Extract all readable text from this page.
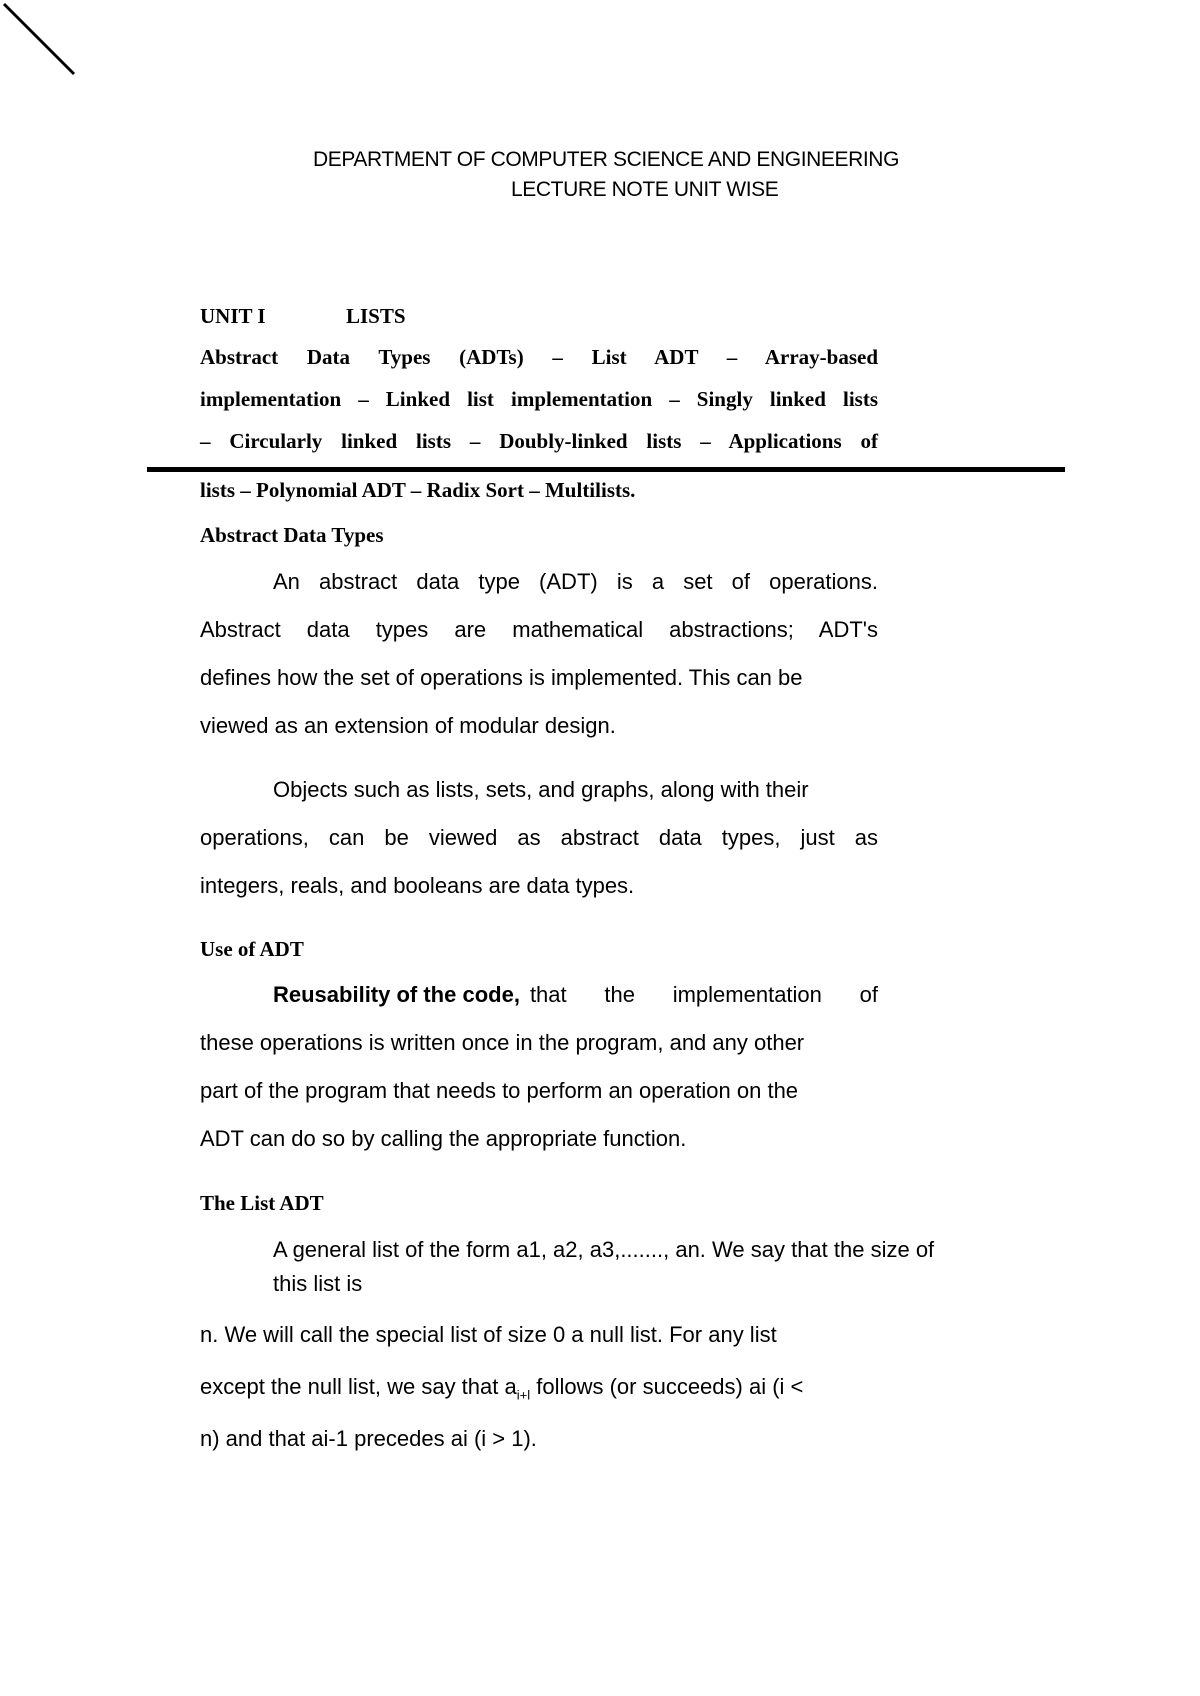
DEPARTMENT OF COMPUTER SCIENCE AND ENGINEERING
LECTURE NOTE UNIT WISE
UNIT I	LISTS
Abstract Data Types (ADTs) – List ADT – Array-based
implementation – Linked list implementation – Singly linked lists
– Circularly linked lists – Doubly-linked lists – Applications of
lists – Polynomial ADT – Radix Sort – Multilists.
Abstract Data Types
An abstract data type (ADT) is a set of operations.
Abstract data types are mathematical abstractions; ADT's
defines how the set of operations is implemented. This can be
viewed as an extension of modular design.
Objects such as lists, sets, and graphs, along with their
operations, can be viewed as abstract data types, just as
integers, reals, and booleans are data types.
Use of ADT
Reusability of the code, that the implementation of
these operations is written once in the program, and any other
part of the program that needs to perform an operation on the
ADT can do so by calling the appropriate function.
The List ADT
A general list of the form a1, a2, a3,......., an. We say that the size of
this list is
n. We will call the special list of size 0 a null list. For any list
except the null list, we say that $a_{i+l}$ follows (or succeeds) ai (i <
n) and that ai-1 precedes ai (i > 1).
